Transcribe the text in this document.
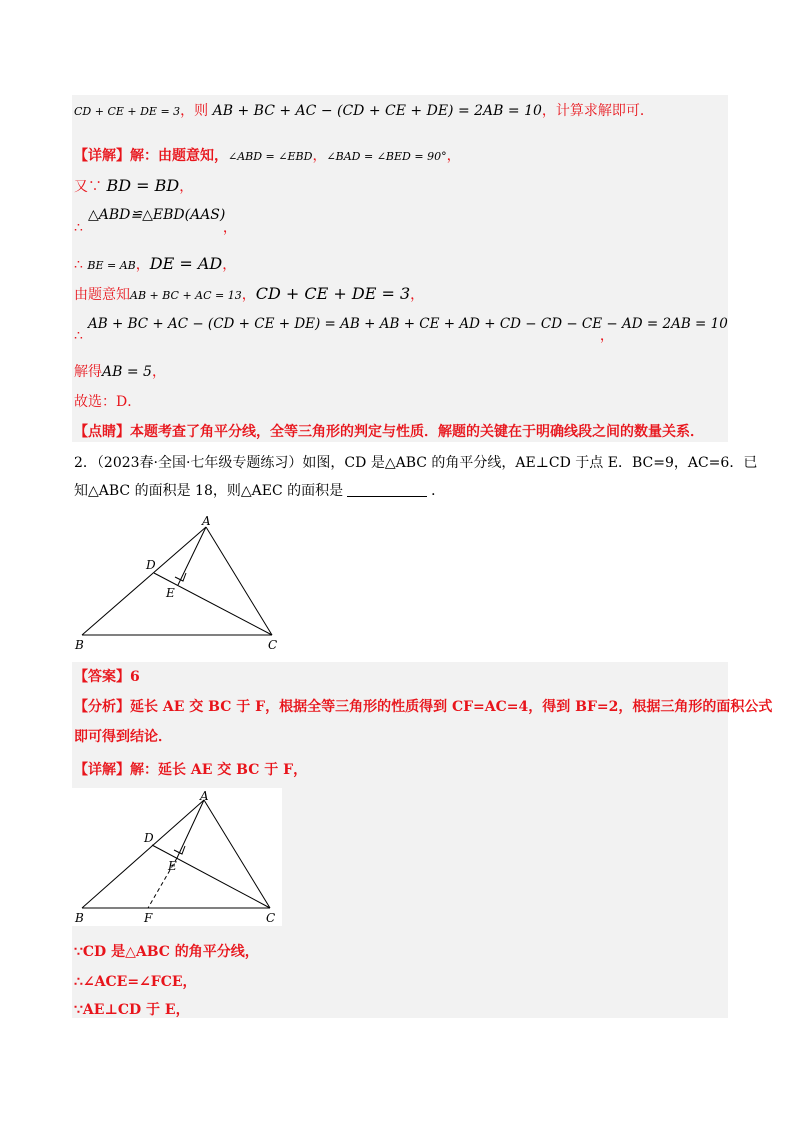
CD + CE + DE = 3，则 AB + BC + AC − (CD + CE + DE) = 2AB = 10，计算求解即可．
【详解】解：由题意知，∠ABD = ∠EBD，∠BAD = ∠BED = 90°，
又∵ BD = BD，
△ABD≌△EBD(AAS)
∴	，
∴ BE = AB，DE = AD，
由题意知AB + BC + AC = 13，CD + CE + DE = 3，
AB + BC + AC − (CD + CE + DE) = AB + AB + CE + AD + CD − CD − CE − AD = 2AB = 10
∴	，
解得AB = 5，
故选：D．
【点睛】本题考查了角平分线，全等三角形的判定与性质．解题的关键在于明确线段之间的数量关系．
2．（2023春·全国·七年级专题练习）如图，CD 是△ABC 的角平分线，AE⊥CD 于点 E．BC=9，AC=6．已
知△ABC 的面积是 18，则△AEC 的面积是	．
A
B	C
D
E
【答案】6
【分析】延长 AE 交 BC 于 F，根据全等三角形的性质得到 CF=AC=4，得到 BF=2，根据三角形的面积公式
即可得到结论．
【详解】解：延长 AE 交 BC 于 F，
A
B	C
D
E
F
∵CD 是△ABC 的角平分线，
∴∠ACE=∠FCE，
∵AE⊥CD 于 E，
